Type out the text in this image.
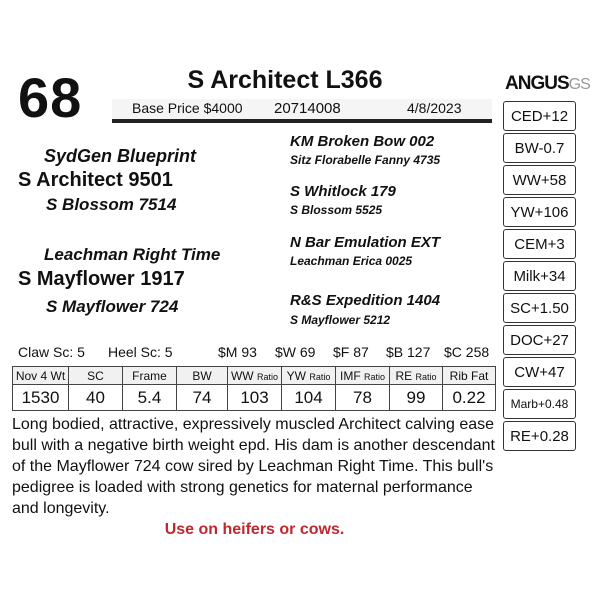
68	S Architect L366
Base Price $4000 20714008	4/8/2023
ANGUSGS
SydGen Blueprint
S Architect 9501
S Blossom 7514
Leachman Right Time
S Mayflower 1917
S Mayflower 724
KM Broken Bow 002
Sitz Florabelle Fanny 4735
S Whitlock 179
S Blossom 5525
N Bar Emulation EXT
Leachman Erica 0025
R&S Expedition 1404
S Mayflower 5212
Claw Sc: 5 Heel Sc: 5	$M 93 $W 69 $F 87 $B 127 $C 258
Nov 4 Wt	SC	Frame	BW	WW Ratio	YW Ratio	IMF Ratio	RE Ratio	Rib Fat
1530	40	5.4	74	103	104	78	99	0.22
Long bodied, attractive, expressively muscled Architect calving ease bull with a negative birth weight epd. His dam is another descendant of the Mayflower 724 cow sired by Leachman Right Time. This bull's pedigree is loaded with strong genetics for maternal performance and longevity.
Use on heifers or cows.
CED+12
BW-0.7
WW+58
YW+106
CEM+3
Milk+34
SC+1.50
DOC+27
CW+47
Marb+0.48
RE+0.28
